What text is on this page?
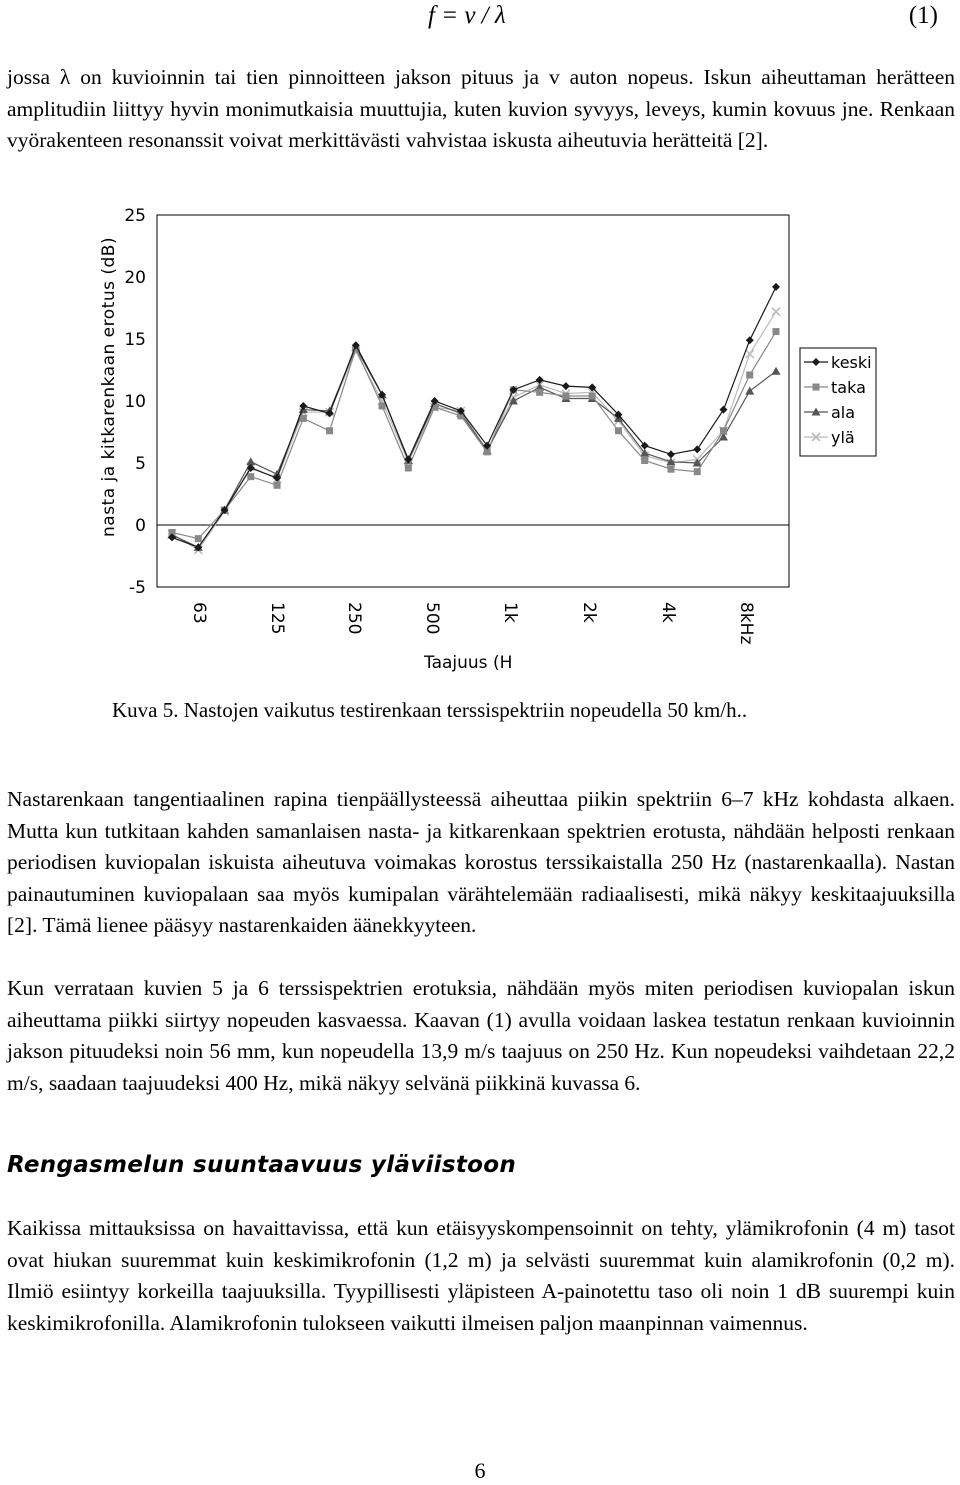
f = v / λ	(1)

jossa λ on kuvioinnin tai tien pinnoitteen jakson pituus ja v auton nopeus. Iskun aiheuttaman herätteen amplitudiin liittyy hyvin monimutkaisia muuttujia, kuten kuvion syvyys, leveys, kumin kovuus jne. Renkaan vyörakenteen resonanssit voivat merkittävästi vahvistaa iskusta aiheutuvia herätteitä [2].

25
20
15
10
5
0
-5
63	125	250	500	1k	2k	4k	8kHz
Taajuus (H
nasta ja kitkarenkaan erotus (dB)	keski
taka
ala
ylä
Kuva 5. Nastojen vaikutus testirenkaan terssispektriin nopeudella 50 km/h..

Nastarenkaan tangentiaalinen rapina tienpäällysteessä aiheuttaa piikin spektriin 6–7 kHz kohdasta alkaen. Mutta kun tutkitaan kahden samanlaisen nasta- ja kitkarenkaan spektrien erotusta, nähdään helposti renkaan periodisen kuviopalan iskuista aiheutuva voimakas korostus terssikaistalla 250 Hz (nastarenkaalla). Nastan painautuminen kuviopalaan saa myös kumipalan värähtelemään radiaalisesti, mikä näkyy keskitaajuuksilla [2]. Tämä lienee pääsyy nastarenkaiden äänekkyyteen.

Kun verrataan kuvien 5 ja 6 terssispektrien erotuksia, nähdään myös miten periodisen kuviopalan iskun aiheuttama piikki siirtyy nopeuden kasvaessa. Kaavan (1) avulla voidaan laskea testatun renkaan kuvioinnin jakson pituudeksi noin 56 mm, kun nopeudella 13,9 m/s taajuus on 250 Hz. Kun nopeudeksi vaihdetaan 22,2 m/s, saadaan taajuudeksi 400 Hz, mikä näkyy selvänä piikkinä kuvassa 6.

Rengasmelun suuntaavuus yläviistoon

Kaikissa mittauksissa on havaittavissa, että kun etäisyyskompensoinnit on tehty, ylämikrofonin (4 m) tasot ovat hiukan suuremmat kuin keskimikrofonin (1,2 m) ja selvästi suuremmat kuin alamikrofonin (0,2 m). Ilmiö esiintyy korkeilla taajuuksilla. Tyypillisesti yläpisteen A-painotettu taso oli noin 1 dB suurempi kuin keskimikrofonilla. Alamikrofonin tulokseen vaikutti ilmeisen paljon maanpinnan vaimennus.

6
